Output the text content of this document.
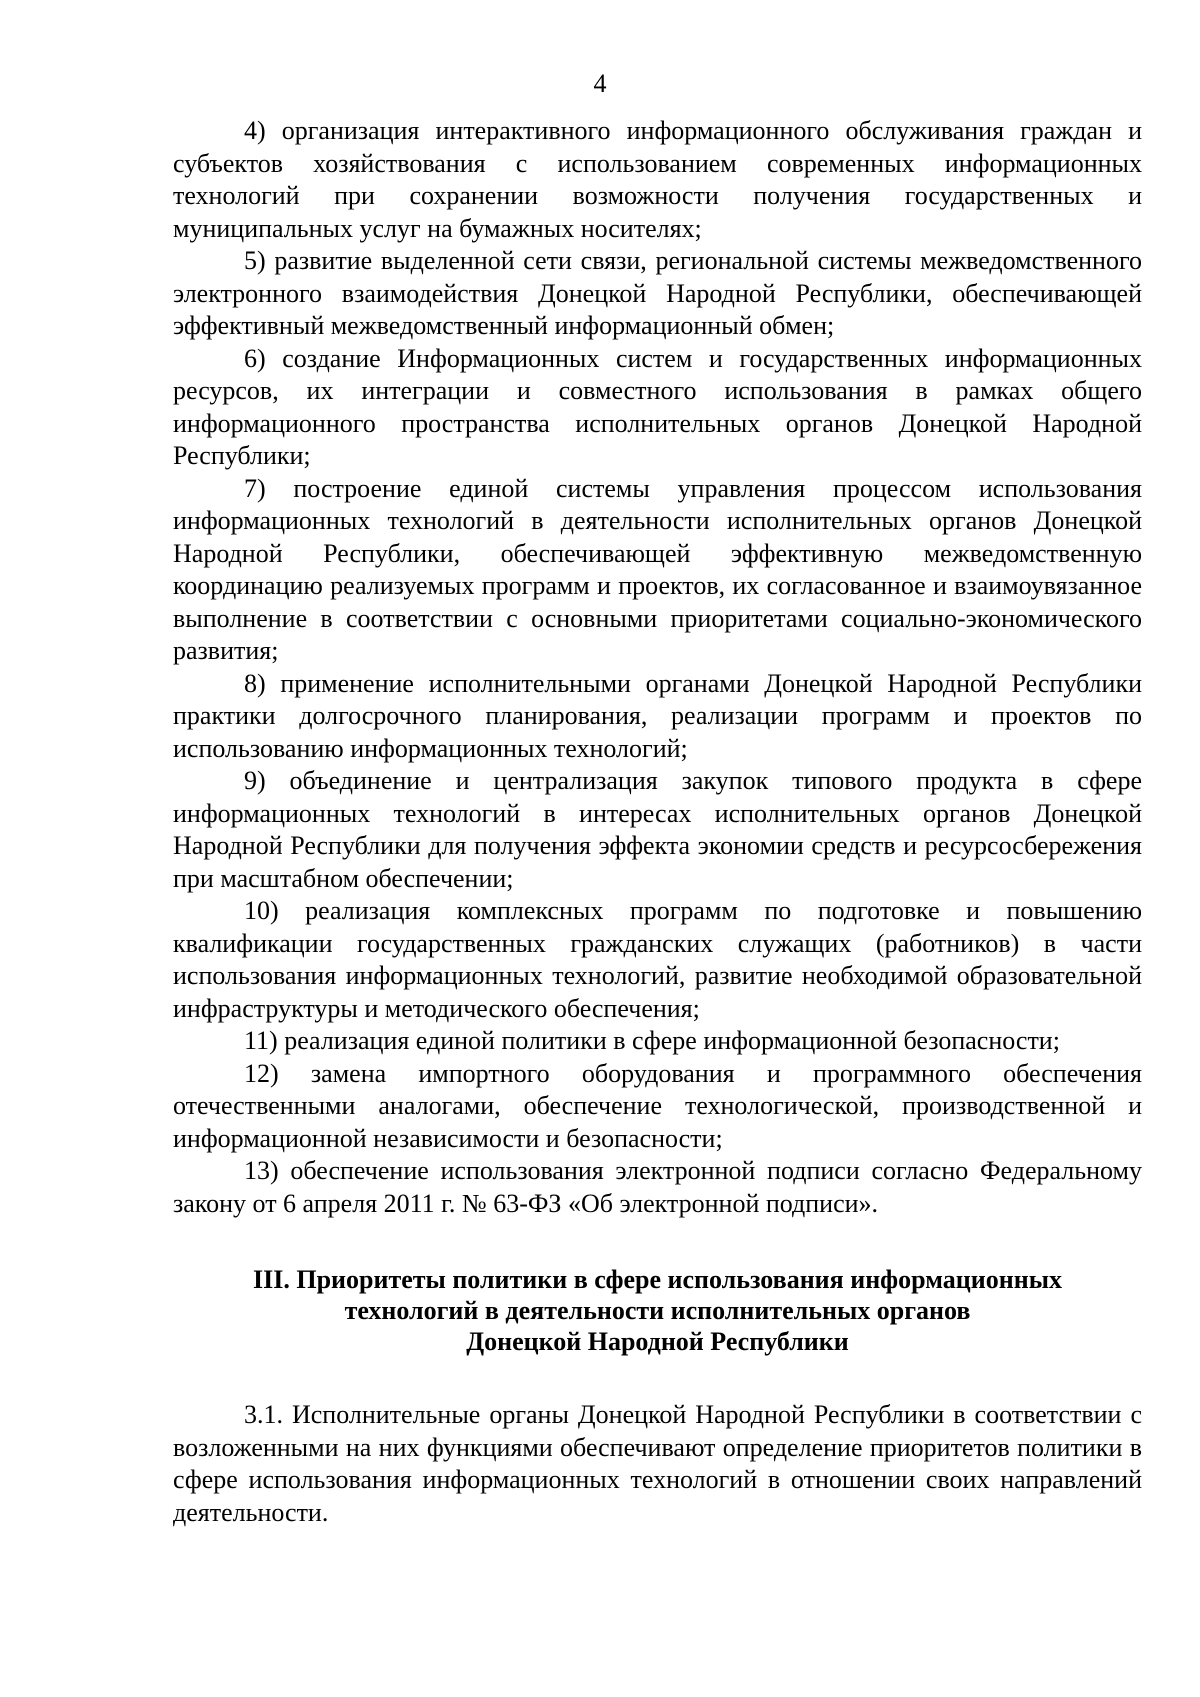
4

4) организация интерактивного информационного обслуживания граждан и субъектов хозяйствования с использованием современных информационных технологий при сохранении возможности получения государственных и муниципальных услуг на бумажных носителях;

5) развитие выделенной сети связи, региональной системы межведомственного электронного взаимодействия Донецкой Народной Республики, обеспечивающей эффективный межведомственный информационный обмен;

6) создание Информационных систем и государственных информационных ресурсов, их интеграции и совместного использования в рамках общего информационного пространства исполнительных органов Донецкой Народной Республики;

7) построение единой системы управления процессом использования информационных технологий в деятельности исполнительных органов Донецкой Народной Республики, обеспечивающей эффективную межведомственную координацию реализуемых программ и проектов, их согласованное и взаимоувязанное выполнение в соответствии с основными приоритетами социально-экономического развития;

8) применение исполнительными органами Донецкой Народной Республики практики долгосрочного планирования, реализации программ и проектов по использованию информационных технологий;

9) объединение и централизация закупок типового продукта в сфере информационных технологий в интересах исполнительных органов Донецкой Народной Республики для получения эффекта экономии средств и ресурсосбережения при масштабном обеспечении;

10) реализация комплексных программ по подготовке и повышению квалификации государственных гражданских служащих (работников) в части использования информационных технологий, развитие необходимой образовательной инфраструктуры и методического обеспечения;

11) реализация единой политики в сфере информационной безопасности;

12) замена импортного оборудования и программного обеспечения отечественными аналогами, обеспечение технологической, производственной и информационной независимости и безопасности;

13) обеспечение использования электронной подписи согласно Федеральному закону от 6 апреля 2011 г. № 63-ФЗ «Об электронной подписи».

III. Приоритеты политики в сфере использования информационных
технологий в деятельности исполнительных органов
Донецкой Народной Республики

3.1. Исполнительные органы Донецкой Народной Республики в соответствии с возложенными на них функциями обеспечивают определение приоритетов политики в сфере использования информационных технологий в отношении своих направлений деятельности.
